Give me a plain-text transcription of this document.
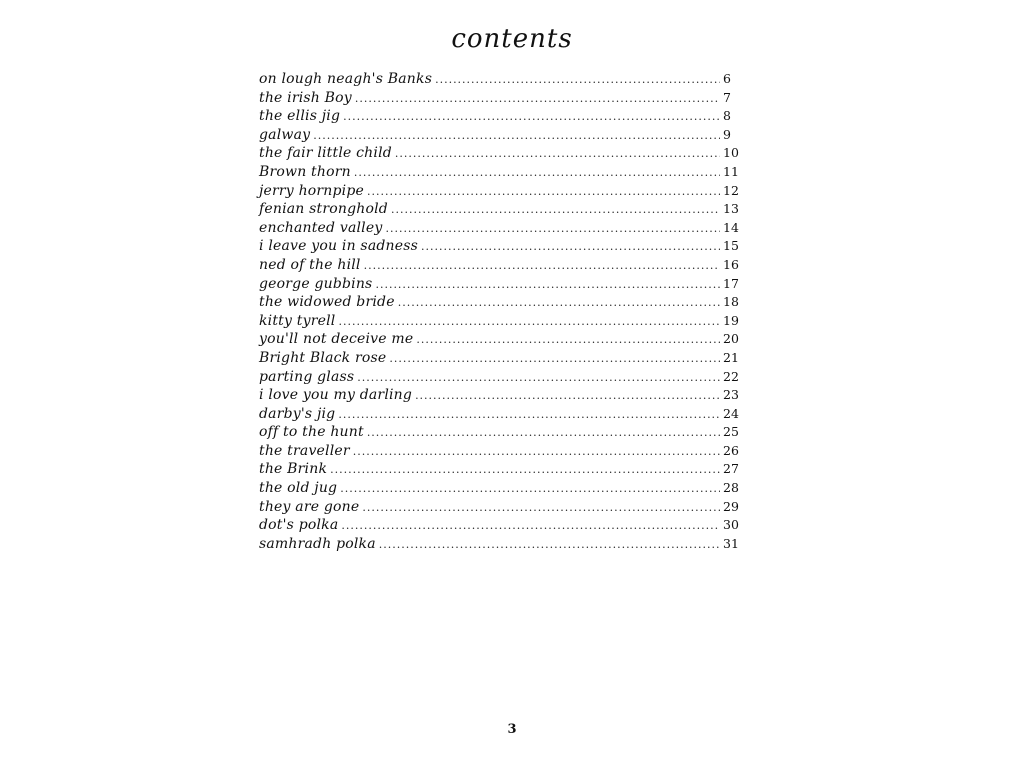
contents
on lough neagh's Banks .....	6
the irish Boy .....	7
the ellis jig .....	8
galway .....	9
the fair little child .....	10
Brown thorn .....	11
jerry hornpipe .....	12
fenian stronghold .....	13
enchanted valley .....	14
i leave you in sadness .....	15
ned of the hill .....	16
george gubbins .....	17
the widowed bride .....	18
kitty tyrell .....	19
you'll not deceive me .....	20
Bright Black rose .....	21
parting glass .....	22
i love you my darling .....	23
darby's jig .....	24
off to the hunt .....	25
the traveller .....	26
the Brink .....	27
the old jug .....	28
they are gone .....	29
dot's polka .....	30
samhradh polka .....	31
3
